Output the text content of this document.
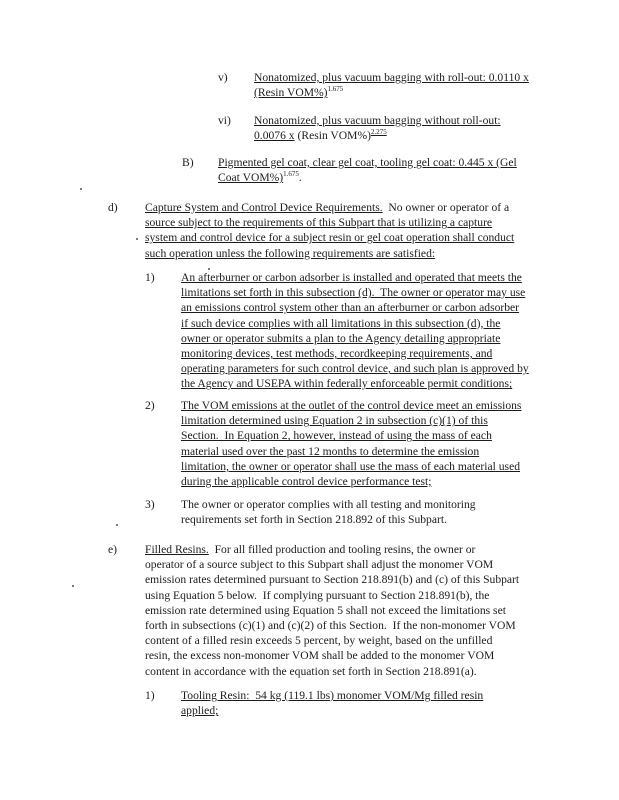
v) Nonatomized, plus vacuum bagging with roll-out: 0.0110 x
(Resin VOM%)$^{1.675}$
vi) Nonatomized, plus vacuum bagging without roll-out:
0.0076 x (Resin VOM%)$^{2.275}$
B) Pigmented gel coat, clear gel coat, tooling gel coat: 0.445 x (Gel
Coat VOM%)$^{1.675}$.
d) Capture System and Control Device Requirements.  No owner or operator of a
source subject to the requirements of this Subpart that is utilizing a capture
system and control device for a subject resin or gel coat operation shall conduct
such operation unless the following requirements are satisfied:
1) An afterburner or carbon adsorber is installed and operated that meets the
limitations set forth in this subsection (d).  The owner or operator may use
an emissions control system other than an afterburner or carbon adsorber
if such device complies with all limitations in this subsection (d), the
owner or operator submits a plan to the Agency detailing appropriate
monitoring devices, test methods, recordkeeping requirements, and
operating parameters for such control device, and such plan is approved by
the Agency and USEPA within federally enforceable permit conditions;
2) The VOM emissions at the outlet of the control device meet an emissions
limitation determined using Equation 2 in subsection (c)(1) of this
Section.  In Equation 2, however, instead of using the mass of each
material used over the past 12 months to determine the emission
limitation, the owner or operator shall use the mass of each material used
during the applicable control device performance test;
3) The owner or operator complies with all testing and monitoring
requirements set forth in Section 218.892 of this Subpart.
e) Filled Resins.  For all filled production and tooling resins, the owner or
operator of a source subject to this Subpart shall adjust the monomer VOM
emission rates determined pursuant to Section 218.891(b) and (c) of this Subpart
using Equation 5 below.  If complying pursuant to Section 218.891(b), the
emission rate determined using Equation 5 shall not exceed the limitations set
forth in subsections (c)(1) and (c)(2) of this Section.  If the non-monomer VOM
content of a filled resin exceeds 5 percent, by weight, based on the unfilled
resin, the excess non-monomer VOM shall be added to the monomer VOM
content in accordance with the equation set forth in Section 218.891(a).
1) Tooling Resin:  54 kg (119.1 lbs) monomer VOM/Mg filled resin
applied;
